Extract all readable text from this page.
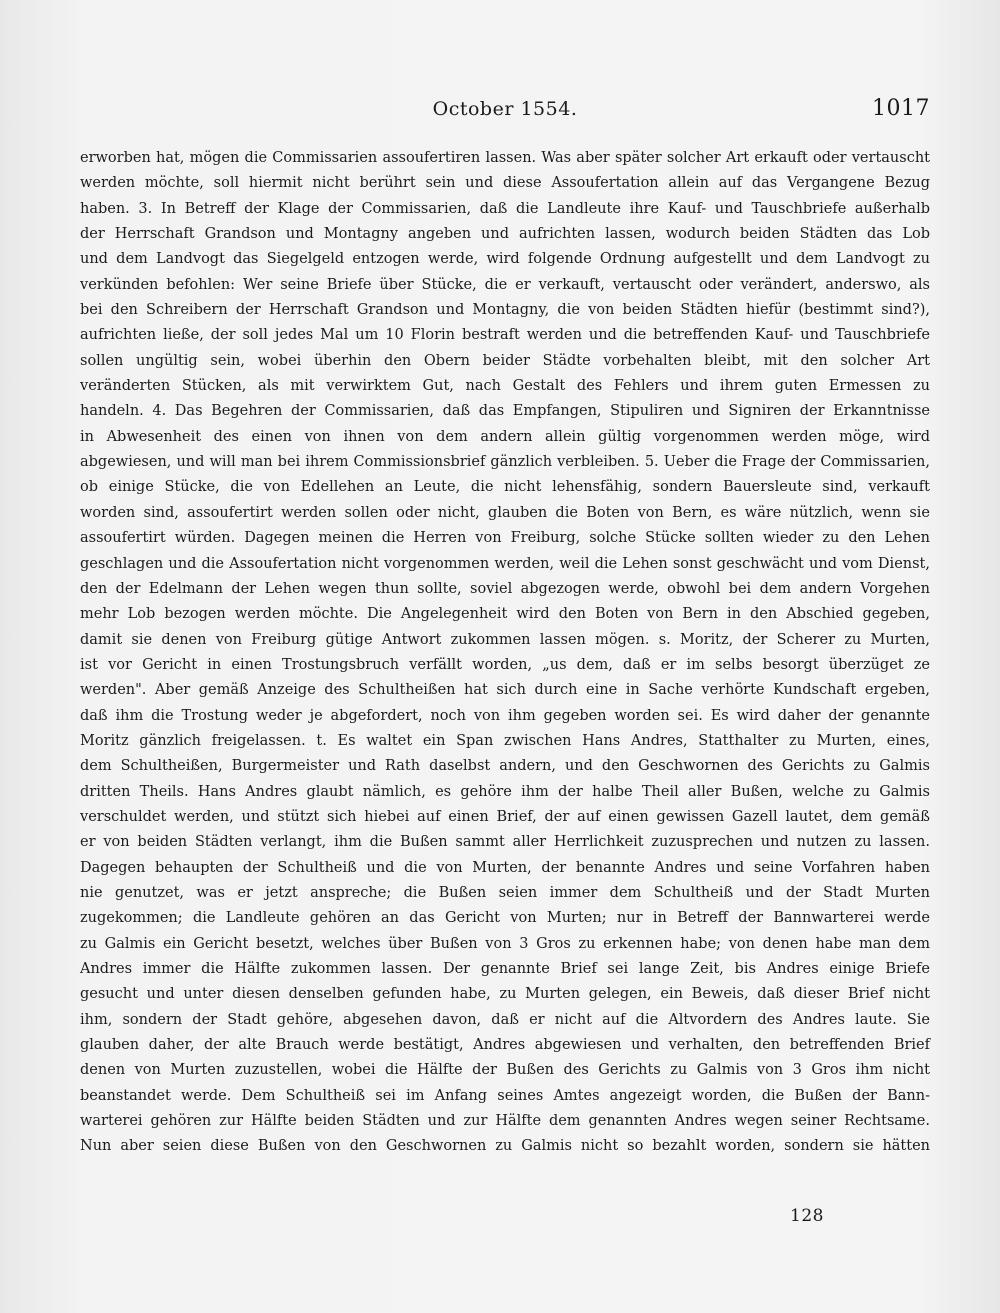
October 1554.	1017
erworben hat, mögen die Commissarien assoufertiren lassen. Was aber später solcher Art erkauft oder vertauscht
werden möchte, soll hiermit nicht berührt sein und diese Assoufertation allein auf das Vergangene Bezug
haben. 3. In Betreff der Klage der Commissarien, daß die Landleute ihre Kauf- und Tauschbriefe außerhalb
der Herrschaft Grandson und Montagny angeben und aufrichten lassen, wodurch beiden Städten das Lob
und dem Landvogt das Siegelgeld entzogen werde, wird folgende Ordnung aufgestellt und dem Landvogt zu
verkünden befohlen: Wer seine Briefe über Stücke, die er verkauft, vertauscht oder verändert, anderswo, als
bei den Schreibern der Herrschaft Grandson und Montagny, die von beiden Städten hiefür (bestimmt sind?),
aufrichten ließe, der soll jedes Mal um 10 Florin bestraft werden und die betreffenden Kauf- und Tauschbriefe
sollen ungültig sein, wobei überhin den Obern beider Städte vorbehalten bleibt, mit den solcher Art
veränderten Stücken, als mit verwirktem Gut, nach Gestalt des Fehlers und ihrem guten Ermessen zu
handeln. 4. Das Begehren der Commissarien, daß das Empfangen, Stipuliren und Signiren der Erkanntnisse
in Abwesenheit des einen von ihnen von dem andern allein gültig vorgenommen werden möge, wird
abgewiesen, und will man bei ihrem Commissionsbrief gänzlich verbleiben. 5. Ueber die Frage der Commissarien,
ob einige Stücke, die von Edellehen an Leute, die nicht lehensfähig, sondern Bauersleute sind, verkauft
worden sind, assoufertirt werden sollen oder nicht, glauben die Boten von Bern, es wäre nützlich, wenn sie
assoufertirt würden. Dagegen meinen die Herren von Freiburg, solche Stücke sollten wieder zu den Lehen
geschlagen und die Assoufertation nicht vorgenommen werden, weil die Lehen sonst geschwächt und vom Dienst,
den der Edelmann der Lehen wegen thun sollte, soviel abgezogen werde, obwohl bei dem andern Vorgehen
mehr Lob bezogen werden möchte. Die Angelegenheit wird den Boten von Bern in den Abschied gegeben,
damit sie denen von Freiburg gütige Antwort zukommen lassen mögen. s. Moritz, der Scherer zu Murten,
ist vor Gericht in einen Trostungsbruch verfällt worden, „us dem, daß er im selbs besorgt überzüget ze
werden". Aber gemäß Anzeige des Schultheißen hat sich durch eine in Sache verhörte Kundschaft ergeben,
daß ihm die Trostung weder je abgefordert, noch von ihm gegeben worden sei. Es wird daher der genannte
Moritz gänzlich freigelassen. t. Es waltet ein Span zwischen Hans Andres, Statthalter zu Murten, eines,
dem Schultheißen, Burgermeister und Rath daselbst andern, und den Geschwornen des Gerichts zu Galmis
dritten Theils. Hans Andres glaubt nämlich, es gehöre ihm der halbe Theil aller Bußen, welche zu Galmis
verschuldet werden, und stützt sich hiebei auf einen Brief, der auf einen gewissen Gazell lautet, dem gemäß
er von beiden Städten verlangt, ihm die Bußen sammt aller Herrlichkeit zuzusprechen und nutzen zu lassen.
Dagegen behaupten der Schultheiß und die von Murten, der benannte Andres und seine Vorfahren haben
nie genutzet, was er jetzt anspreche; die Bußen seien immer dem Schultheiß und der Stadt Murten
zugekommen; die Landleute gehören an das Gericht von Murten; nur in Betreff der Bannwarterei werde
zu Galmis ein Gericht besetzt, welches über Bußen von 3 Gros zu erkennen habe; von denen habe man dem
Andres immer die Hälfte zukommen lassen. Der genannte Brief sei lange Zeit, bis Andres einige Briefe
gesucht und unter diesen denselben gefunden habe, zu Murten gelegen, ein Beweis, daß dieser Brief nicht
ihm, sondern der Stadt gehöre, abgesehen davon, daß er nicht auf die Altvordern des Andres laute. Sie
glauben daher, der alte Brauch werde bestätigt, Andres abgewiesen und verhalten, den betreffenden Brief
denen von Murten zuzustellen, wobei die Hälfte der Bußen des Gerichts zu Galmis von 3 Gros ihm nicht
beanstandet werde. Dem Schultheiß sei im Anfang seines Amtes angezeigt worden, die Bußen der Bann-
warterei gehören zur Hälfte beiden Städten und zur Hälfte dem genannten Andres wegen seiner Rechtsame.
Nun aber seien diese Bußen von den Geschwornen zu Galmis nicht so bezahlt worden, sondern sie hätten
128
